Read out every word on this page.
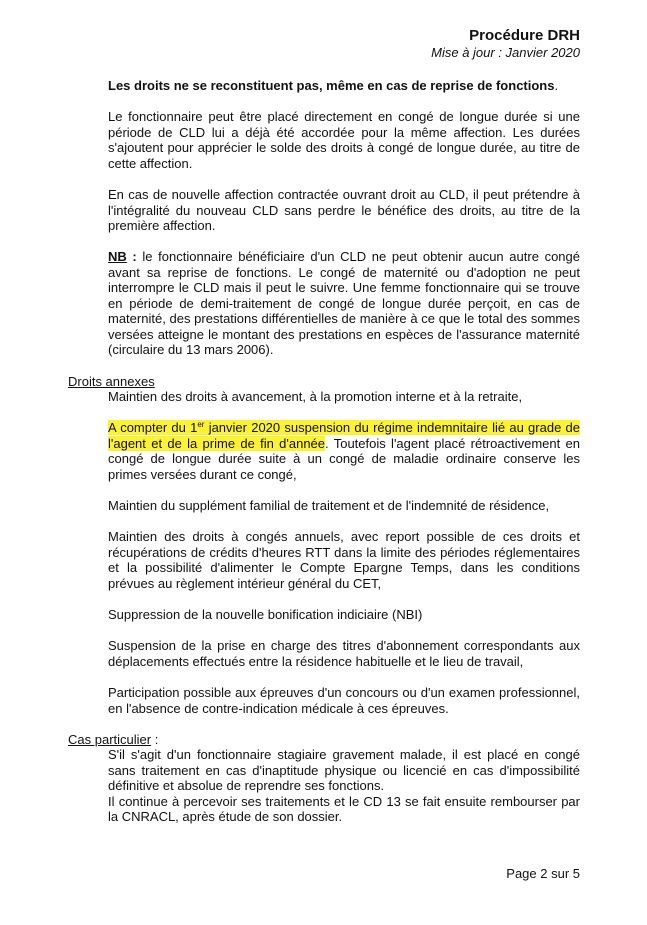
Procédure DRH
Mise à jour : Janvier 2020
Les droits ne se reconstituent pas, même en cas de reprise de fonctions.
Le fonctionnaire peut être placé directement en congé de longue durée si une période de CLD lui a déjà été accordée pour la même affection. Les durées s'ajoutent pour apprécier le solde des droits à congé de longue durée, au titre de cette affection.
En cas de nouvelle affection contractée ouvrant droit au CLD, il peut prétendre à l'intégralité du nouveau CLD sans perdre le bénéfice des droits, au titre de la première affection.
NB : le fonctionnaire bénéficiaire d'un CLD ne peut obtenir aucun autre congé avant sa reprise de fonctions. Le congé de maternité ou d'adoption ne peut interrompre le CLD mais il peut le suivre. Une femme fonctionnaire qui se trouve en période de demi-traitement de congé de longue durée perçoit, en cas de maternité, des prestations différentielles de manière à ce que le total des sommes versées atteigne le montant des prestations en espèces de l'assurance maternité (circulaire du 13 mars 2006).
Droits annexes
Maintien des droits à avancement, à la promotion interne et à la retraite,
A compter du 1er janvier 2020 suspension du régime indemnitaire lié au grade de l'agent et de la prime de fin d'année. Toutefois l'agent placé rétroactivement en congé de longue durée suite à un congé de maladie ordinaire conserve les primes versées durant ce congé,
Maintien du supplément familial de traitement et de l'indemnité de résidence,
Maintien des droits à congés annuels, avec report possible de ces droits et récupérations de crédits d'heures RTT dans la limite des périodes réglementaires et la possibilité d'alimenter le Compte Epargne Temps, dans les conditions prévues au règlement intérieur général du CET,
Suppression de la nouvelle bonification indiciaire (NBI)
Suspension de la prise en charge des titres d'abonnement correspondants aux déplacements effectués entre la résidence habituelle et le lieu de travail,
Participation possible aux épreuves d'un concours ou d'un examen professionnel, en l'absence de contre-indication médicale à ces épreuves.
Cas particulier :
S'il s'agit d'un fonctionnaire stagiaire gravement malade, il est placé en congé sans traitement en cas d'inaptitude physique ou licencié en cas d'impossibilité définitive et absolue de reprendre ses fonctions.
Il continue à percevoir ses traitements et le CD 13 se fait ensuite rembourser par la CNRACL, après étude de son dossier.
Page 2 sur 5
